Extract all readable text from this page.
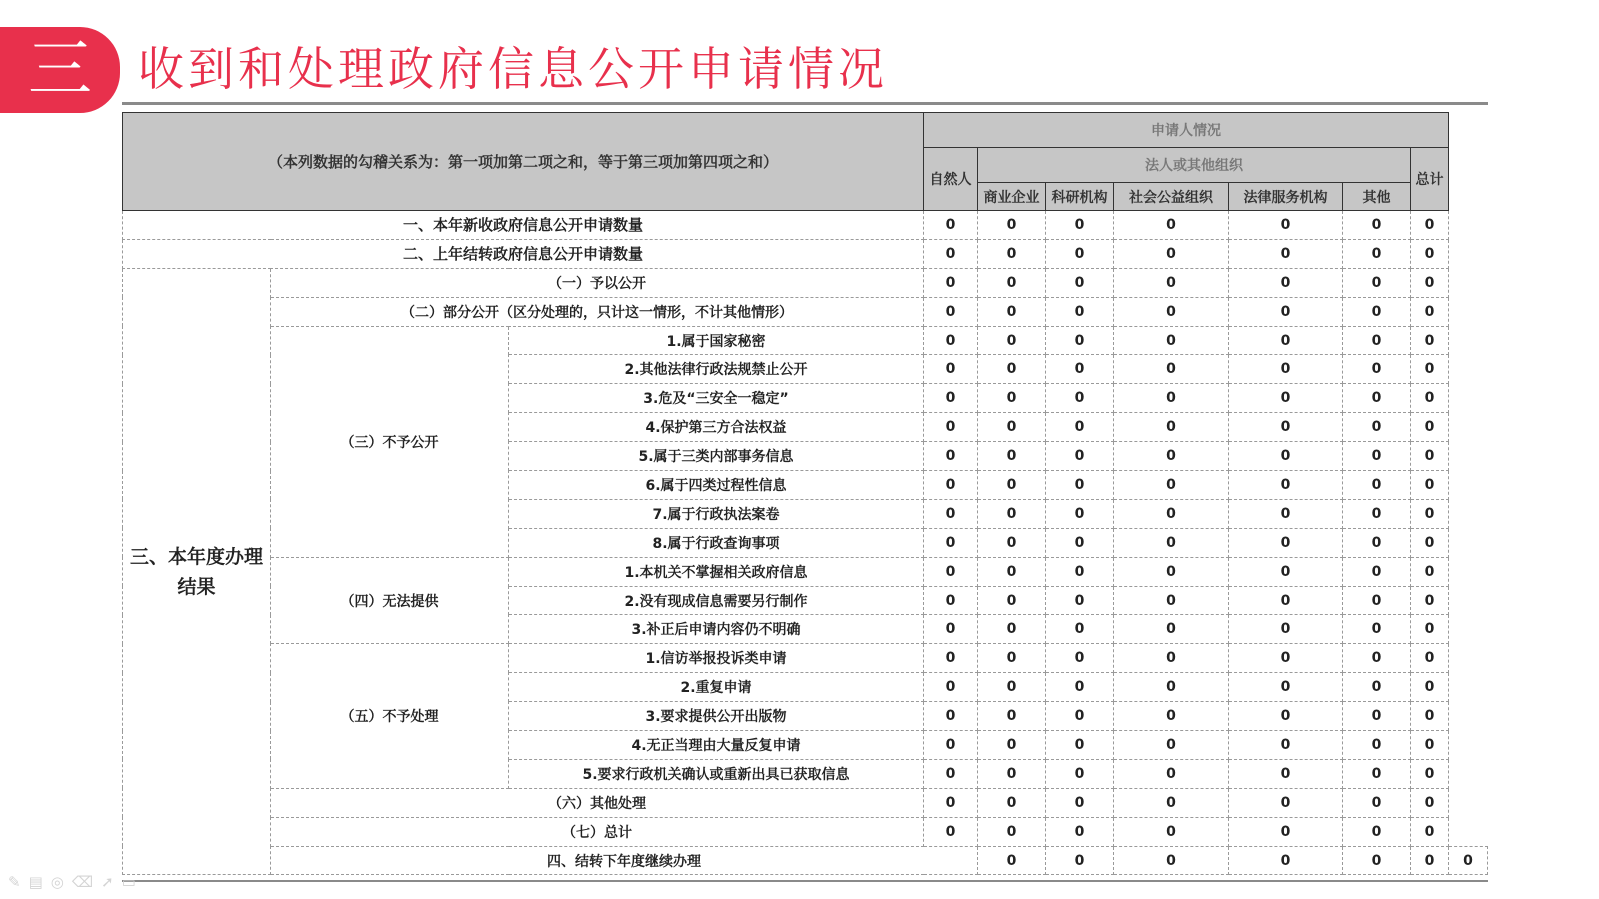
三	收到和处理政府信息公开申请情况
（本列数据的勾稽关系为：第一项加第二项之和，等于第三项加第四项之和）			申请人情况							
			自然人	法人或其他组织					总计	
				商业企业	科研机构	社会公益组织	法律服务机构	其他		
一、本年新收政府信息公开申请数量			0	0	0	0	0	0	0	
二、上年结转政府信息公开申请数量			0	0	0	0	0	0	0	
三、本年度办理结果	（一）予以公开		0	0	0	0	0	0	0	
	（二）部分公开（区分处理的，只计这一情形，不计其他情形）		0	0	0	0	0	0	0	
	（三）不予公开	1.属于国家秘密	0	0	0	0	0	0	0	
		2.其他法律行政法规禁止公开	0	0	0	0	0	0	0	
		3.危及“三安全一稳定”	0	0	0	0	0	0	0	
		4.保护第三方合法权益	0	0	0	0	0	0	0	
		5.属于三类内部事务信息	0	0	0	0	0	0	0	
		6.属于四类过程性信息	0	0	0	0	0	0	0	
		7.属于行政执法案卷	0	0	0	0	0	0	0	
		8.属于行政查询事项	0	0	0	0	0	0	0	
	（四）无法提供	1.本机关不掌握相关政府信息	0	0	0	0	0	0	0	
		2.没有现成信息需要另行制作	0	0	0	0	0	0	0	
		3.补正后申请内容仍不明确	0	0	0	0	0	0	0	
	（五）不予处理	1.信访举报投诉类申请	0	0	0	0	0	0	0	
		2.重复申请	0	0	0	0	0	0	0	
		3.要求提供公开出版物	0	0	0	0	0	0	0	
		4.无正当理由大量反复申请	0	0	0	0	0	0	0	
		5.要求行政机关确认或重新出具已获取信息	0	0	0	0	0	0	0	
	（六）其他处理		0	0	0	0	0	0	0	
	（七）总计		0	0	0	0	0	0	0	
	四、结转下年度继续办理			0	0	0	0	0	0	0
✎ ▤ ◎ ⌫ ➚ ▭
